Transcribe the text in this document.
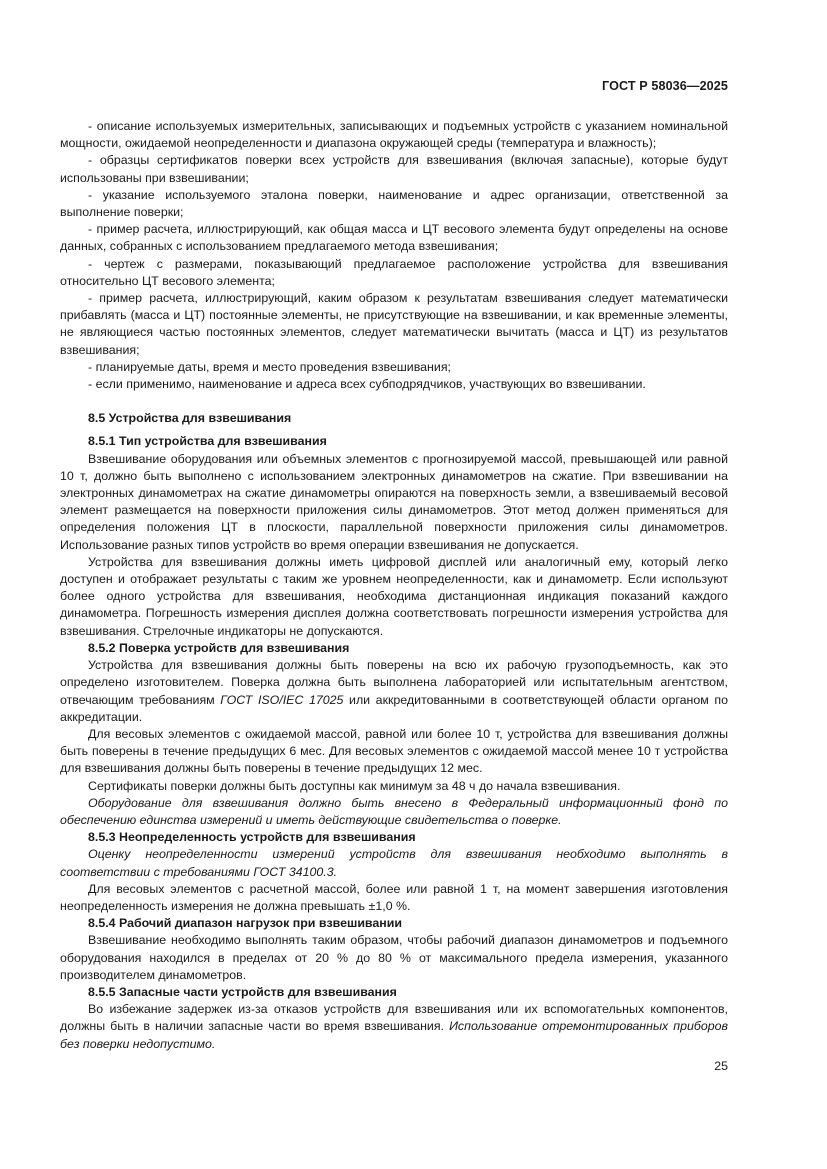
ГОСТ Р 58036—2025

- описание используемых измерительных, записывающих и подъемных устройств с указанием номинальной мощности, ожидаемой неопределенности и диапазона окружающей среды (температура и влажность);

- образцы сертификатов поверки всех устройств для взвешивания (включая запасные), которые будут использованы при взвешивании;

- указание используемого эталона поверки, наименование и адрес организации, ответственной за выполнение поверки;

- пример расчета, иллюстрирующий, как общая масса и ЦТ весового элемента будут определены на основе данных, собранных с использованием предлагаемого метода взвешивания;

- чертеж с размерами, показывающий предлагаемое расположение устройства для взвешивания относительно ЦТ весового элемента;

- пример расчета, иллюстрирующий, каким образом к результатам взвешивания следует математически прибавлять (масса и ЦТ) постоянные элементы, не присутствующие на взвешивании, и как временные элементы, не являющиеся частью постоянных элементов, следует математически вычитать (масса и ЦТ) из результатов взвешивания;

- планируемые даты, время и место проведения взвешивания;

- если применимо, наименование и адреса всех субподрядчиков, участвующих во взвешивании.

8.5 Устройства для взвешивания
8.5.1 Тип устройства для взвешивания

Взвешивание оборудования или объемных элементов с прогнозируемой массой, превышающей или равной 10 т, должно быть выполнено с использованием электронных динамометров на сжатие. При взвешивании на электронных динамометрах на сжатие динамометры опираются на поверхность земли, а взвешиваемый весовой элемент размещается на поверхности приложения силы динамометров. Этот метод должен применяться для определения положения ЦТ в плоскости, параллельной поверхности приложения силы динамометров. Использование разных типов устройств во время операции взвешивания не допускается.

Устройства для взвешивания должны иметь цифровой дисплей или аналогичный ему, который легко доступен и отображает результаты с таким же уровнем неопределенности, как и динамометр. Если используют более одного устройства для взвешивания, необходима дистанционная индикация показаний каждого динамометра. Погрешность измерения дисплея должна соответствовать погрешности измерения устройства для взвешивания. Стрелочные индикаторы не допускаются.

8.5.2 Поверка устройств для взвешивания

Устройства для взвешивания должны быть поверены на всю их рабочую грузоподъемность, как это определено изготовителем. Поверка должна быть выполнена лабораторией или испытательным агентством, отвечающим требованиям ГОСТ ISO/IEC 17025 или аккредитованными в соответствующей области органом по аккредитации.

Для весовых элементов с ожидаемой массой, равной или более 10 т, устройства для взвешивания должны быть поверены в течение предыдущих 6 мес. Для весовых элементов с ожидаемой массой менее 10 т устройства для взвешивания должны быть поверены в течение предыдущих 12 мес.

Сертификаты поверки должны быть доступны как минимум за 48 ч до начала взвешивания.

Оборудование для взвешивания должно быть внесено в Федеральный информационный фонд по обеспечению единства измерений и иметь действующие свидетельства о поверке.

8.5.3 Неопределенность устройств для взвешивания

Оценку неопределенности измерений устройств для взвешивания необходимо выполнять в соответствии с требованиями ГОСТ 34100.3.

Для весовых элементов с расчетной массой, более или равной 1 т, на момент завершения изготовления неопределенность измерения не должна превышать ±1,0 %.

8.5.4 Рабочий диапазон нагрузок при взвешивании

Взвешивание необходимо выполнять таким образом, чтобы рабочий диапазон динамометров и подъемного оборудования находился в пределах от 20 % до 80 % от максимального предела измерения, указанного производителем динамометров.

8.5.5 Запасные части устройств для взвешивания

Во избежание задержек из-за отказов устройств для взвешивания или их вспомогательных компонентов, должны быть в наличии запасные части во время взвешивания. Использование отремонтированных приборов без поверки недопустимо.

25
